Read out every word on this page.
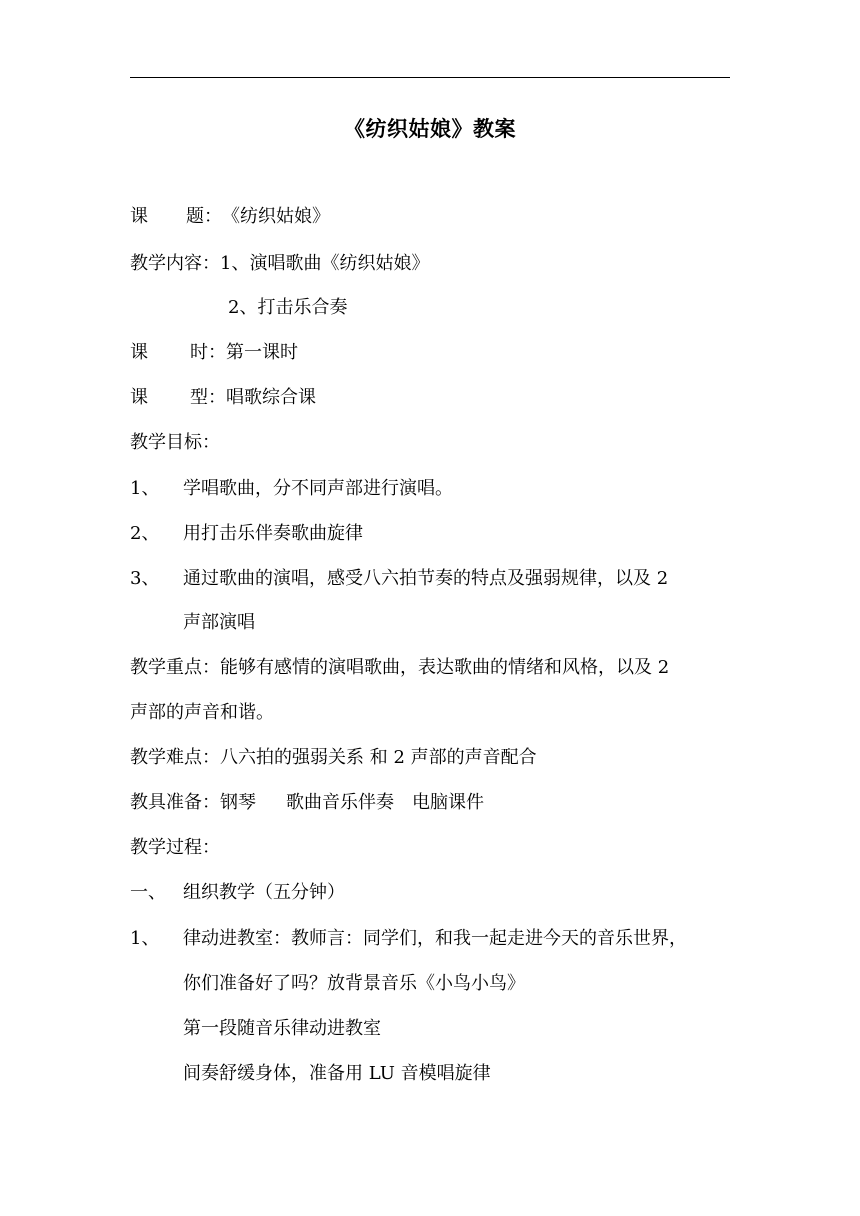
《纺织姑娘》教案
课 题：《纺织姑娘》
教学内容：1、演唱歌曲《纺织姑娘》
2、打击乐合奏
课 时：第一课时
课 型：唱歌综合课
教学目标：
1、 学唱歌曲，分不同声部进行演唱。
2、 用打击乐伴奏歌曲旋律
3、 通过歌曲的演唱，感受八六拍节奏的特点及强弱规律，以及 2
声部演唱
教学重点：能够有感情的演唱歌曲，表达歌曲的情绪和风格，以及 2
声部的声音和谐。
教学难点：八六拍的强弱关系 和 2 声部的声音配合
教具准备：钢琴 歌曲音乐伴奏 电脑课件
教学过程：
一、 组织教学（五分钟）
1、 律动进教室：教师言：同学们，和我一起走进今天的音乐世界，
你们准备好了吗？放背景音乐《小鸟小鸟》
第一段随音乐律动进教室
间奏舒缓身体，准备用 LU 音模唱旋律
